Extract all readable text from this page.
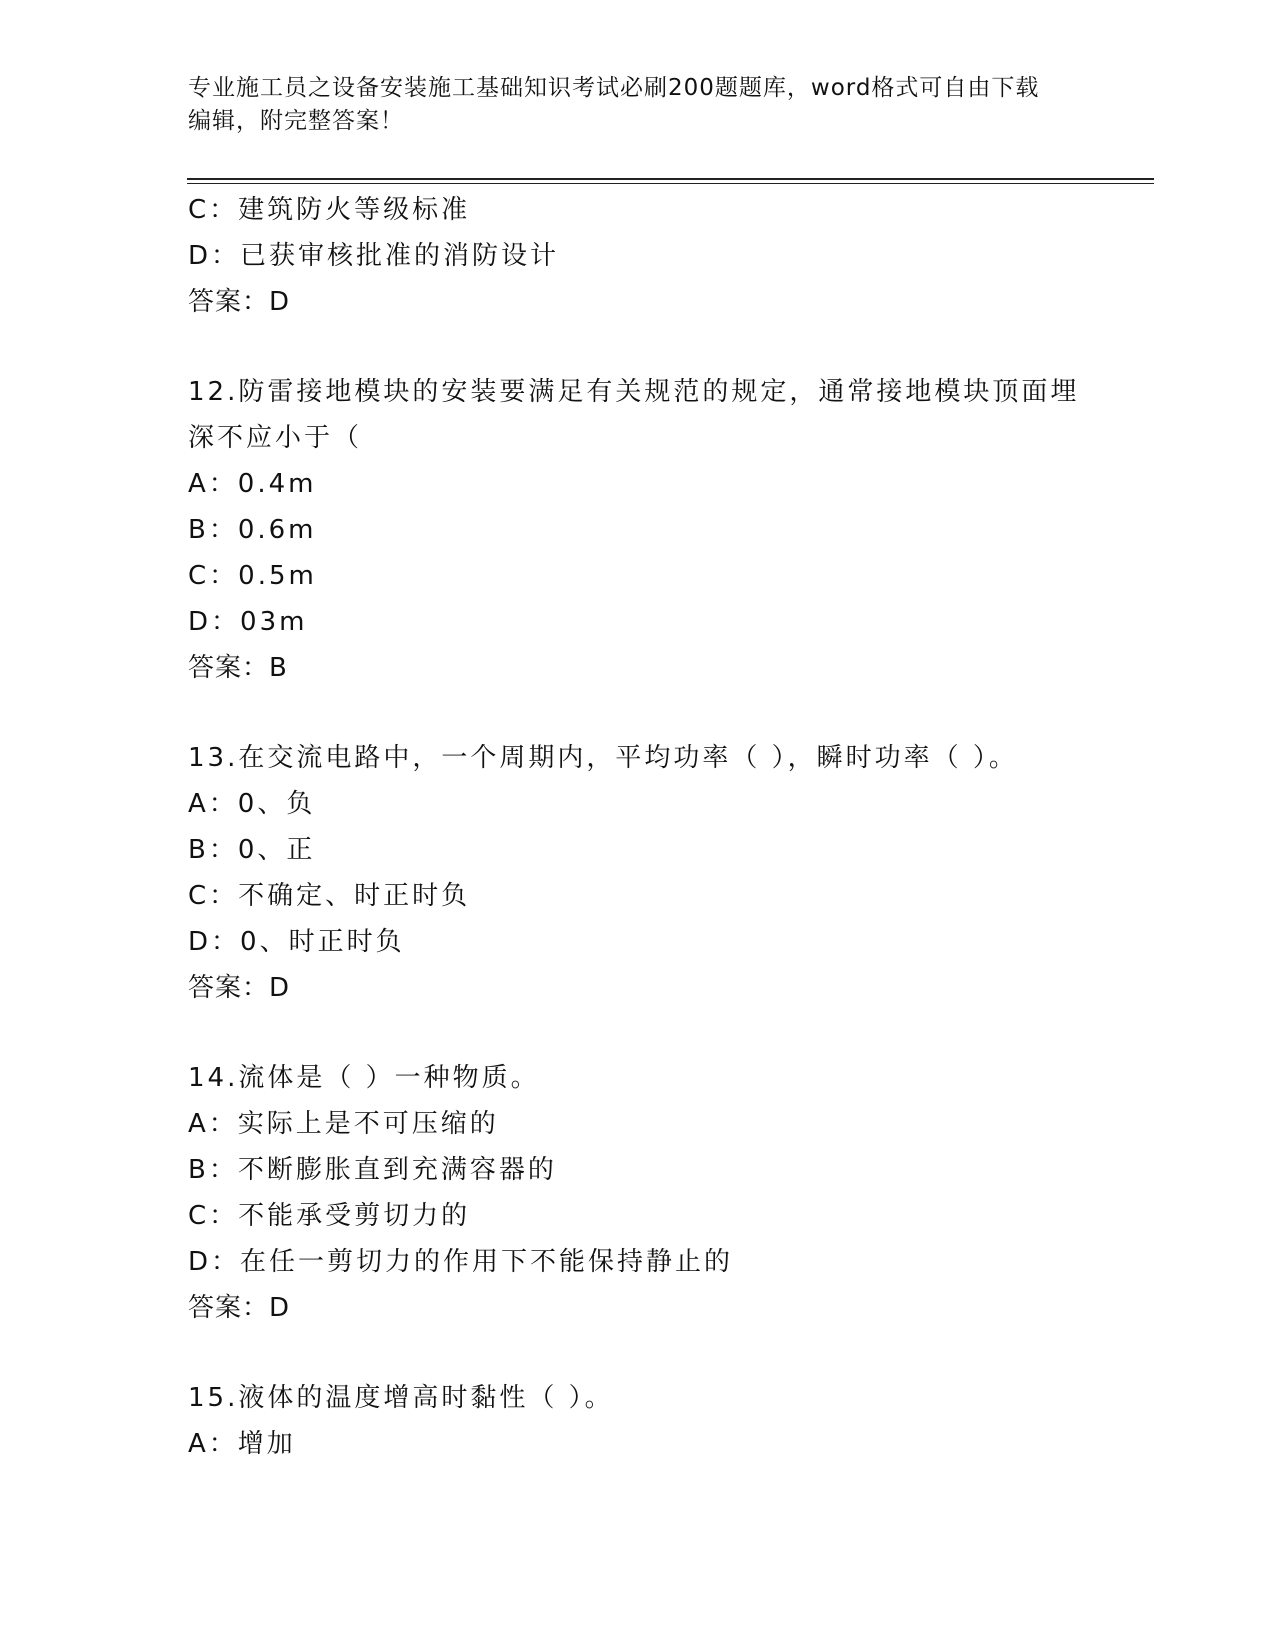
专业施工员之设备安装施工基础知识考试必刷200题题库，word格式可自由下载
编辑，附完整答案！
C：建筑防火等级标准
D：已获审核批准的消防设计
答案：D
12.防雷接地模块的安装要满足有关规范的规定，通常接地模块顶面埋
深不应小于（
A：0.4m
B：0.6m
C：0.5m
D：03m
答案：B
13.在交流电路中，一个周期内，平均功率（ ），瞬时功率（ ）。
A：0、负
B：0、正
C：不确定、时正时负
D：0、时正时负
答案：D
14.流体是（ ）一种物质。
A：实际上是不可压缩的
B：不断膨胀直到充满容器的
C：不能承受剪切力的
D：在任一剪切力的作用下不能保持静止的
答案：D
15.液体的温度增高时黏性（ ）。
A：增加
